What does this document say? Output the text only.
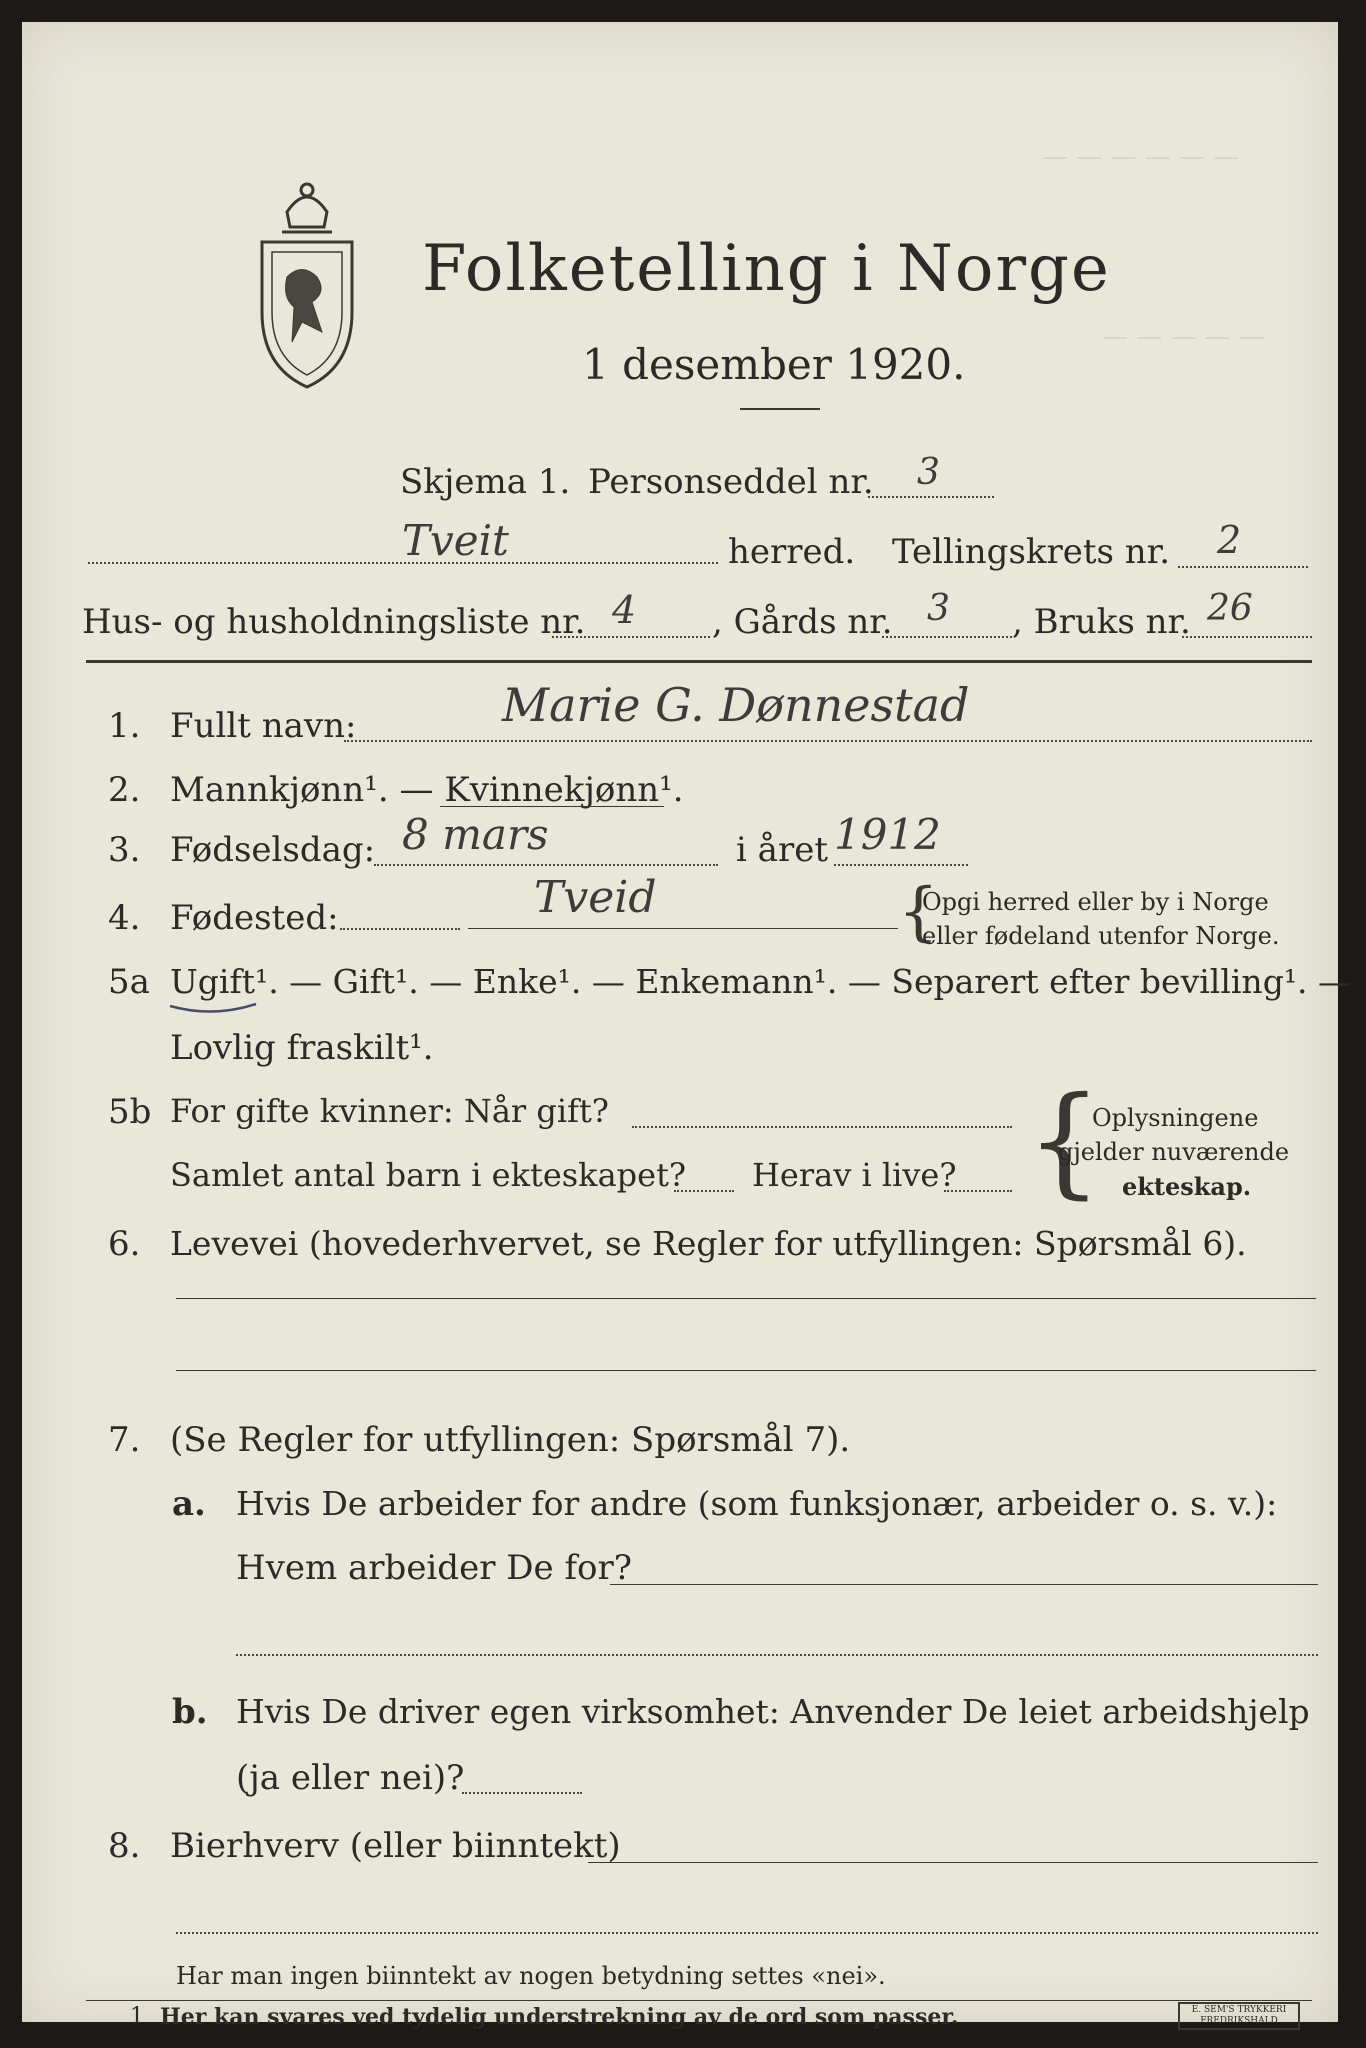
— — — — — —
— — — — —
Folketelling i Norge
1 desember 1920.
Skjema 1. Personseddel nr. 3
Tveit	herred. Tellingskrets nr. 2
Hus- og husholdningsliste nr. 4 , Gårds nr. 3 , Bruks nr. 26
1. Fullt navn:	Marie G. Dønnestad
2. Mannkjønn¹. — Kvinnekjønn¹.
3. Fødselsdag: 8 mars	i året 1912
4. Fødested:	Tveid	{
Opgi herred eller by i Norge
eller fødeland utenfor Norge.
5a Ugift¹. — Gift¹. — Enke¹. — Enkemann¹. — Separert efter bevilling¹. —
Lovlig fraskilt¹.
5b For gifte kvinner: Når gift?
Samlet antal barn i ekteskapet? Herav i live? {
Oplysningene
gjelder nuværende
ekteskap.
6. Levevei (hovederhvervet, se Regler for utfyllingen: Spørsmål 6).
7. (Se Regler for utfyllingen: Spørsmål 7).
a. Hvis De arbeider for andre (som funksjonær, arbeider o. s. v.):
Hvem arbeider De for?
b. Hvis De driver egen virksomhet: Anvender De leiet arbeidshjelp
(ja eller nei)?
8. Bierhverv (eller biinntekt)
Har man ingen biinntekt av nogen betydning settes «nei».
1 Her kan svares ved tydelig understrekning av de ord som passer.	E. SEM'S TRYKKERI
FREDRIKSHALD
